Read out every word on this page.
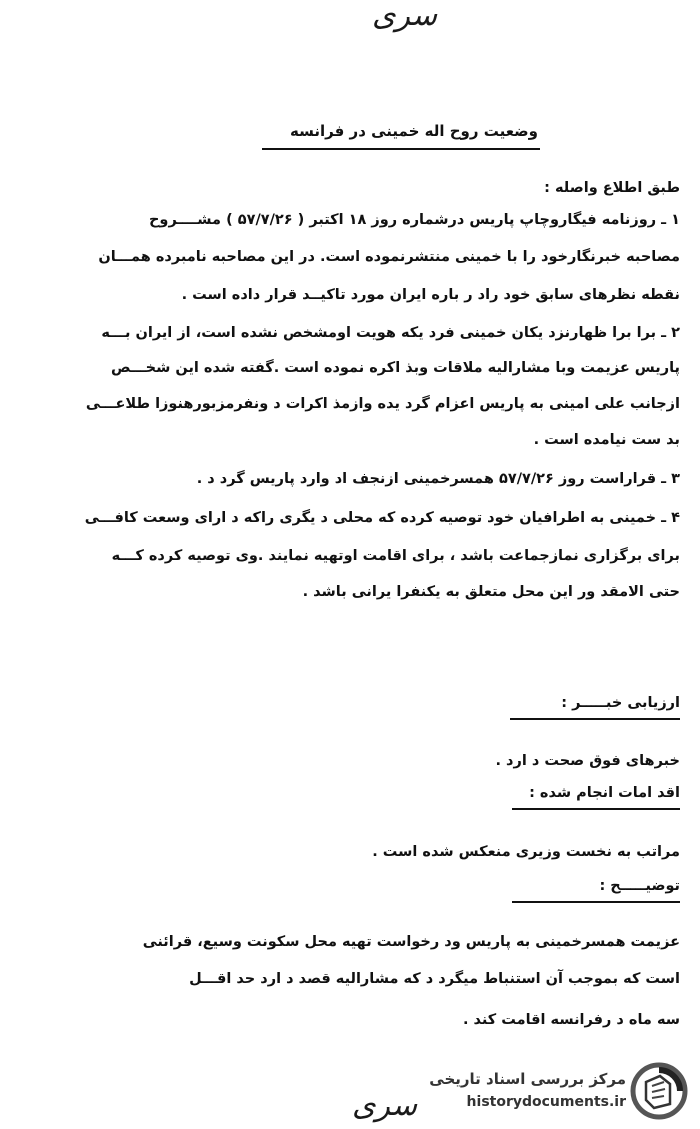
سری
وضعیت روح اله خمینی در فرانسه
طبق اطلاع واصله :
۱ ـ روزنامه فیگاروچاپ پاریس درشماره روز ۱۸ اکتبر ( ۵۷/۷/۲۶ ) مشــــروح
مصاحبه خبرنگارخود را با خمینی منتشرنموده است. در این مصاحبه نامبرده همـــان
نقطه نظرهای سابق خود راد ر باره ایران مورد تاکیــد قرار داده است .
۲ ـ برا برا ظهارنزد یکان خمینی فرد یکه هویت اومشخص نشده است، از ایران بـــه
پاریس عزیمت وبا مشارالیه ملاقات وبذ اکره نموده است .گفته شده این شخـــص
ازجانب علی امینی به پاریس اعزام گرد یده وازمذ اکرات د ونفرمزبورهنوزا طلاعـــی
بد ست نیامده است .
۳ ـ قراراست روز ۵۷/۷/۲۶ همسرخمینی ازنجف اد وارد پاریس گرد د .
۴ ـ خمینی به اطرافیان خود توصیه کرده که محلی د یگری راکه د ارای وسعت کافـــی
برای برگزاری نمازجماعت باشد ، برای اقامت اوتهیه نمایند .وی توصیه کرده کـــه
حتی الامقد ور این محل متعلق به یکنفرا یرانی باشد .
ارزیابی خبـــــر :
خبرهای فوق صحت د ارد .
اقد امات انجام شده :
مراتب به نخست وزیری منعکس شده است .
توضیـــــح :
عزیمت همسرخمینی به پاریس ود رخواست تهیه محل سکونت وسیع، قرائنی
است که بموجب آن استنباط میگرد د که مشارالیه قصد د ارد حد اقـــل
سه ماه د رفرانسه اقامت کند .
سری
مرکز بررسی اسناد تاریخی
historydocuments.ir
